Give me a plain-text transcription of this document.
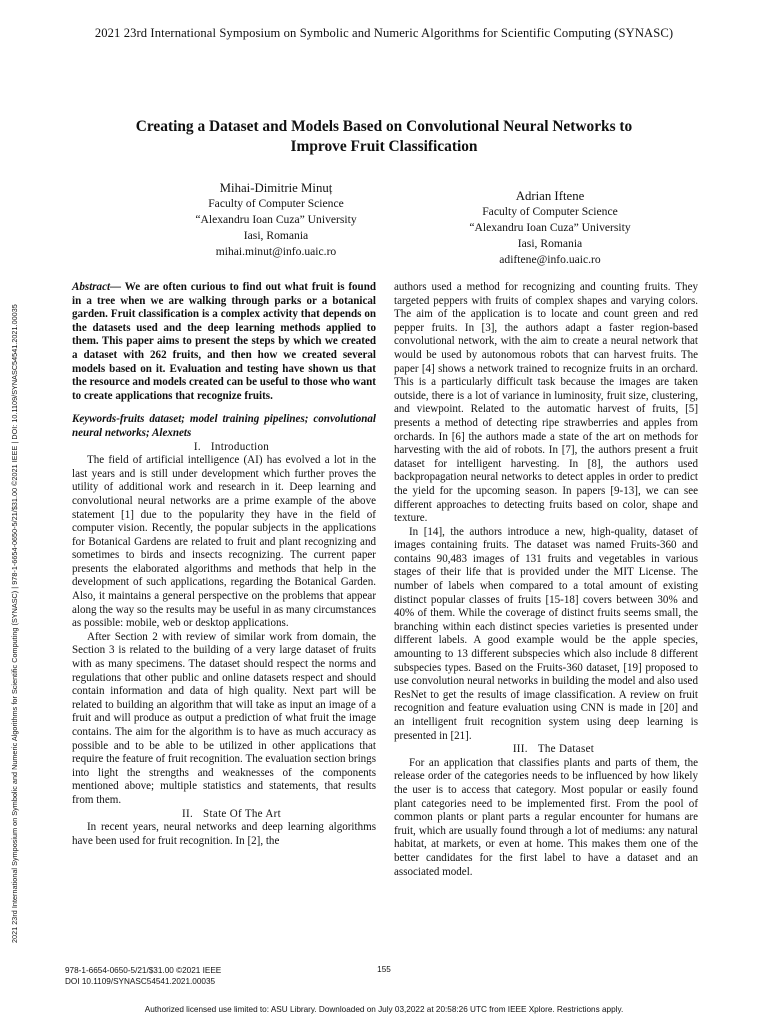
2021 23rd International Symposium on Symbolic and Numeric Algorithms for Scientific Computing (SYNASC)
2021 23rd International Symposium on Symbolic and Numeric Algorithms for Scientific Computing (SYNASC) | 978-1-6654-0650-5/21/$31.00 ©2021 IEEE | DOI: 10.1109/SYNASC54541.2021.00035
Creating a Dataset and Models Based on Convolutional Neural Networks to
Improve Fruit Classification
Mihai-Dimitrie Minuț
Faculty of Computer Science
“Alexandru Ioan Cuza” University
Iasi, Romania
mihai.minut@info.uaic.ro
Adrian Iftene
Faculty of Computer Science
“Alexandru Ioan Cuza” University
Iasi, Romania
adiftene@info.uaic.ro

Abstract— We are often curious to find out what fruit is found in a tree when we are walking through parks or a botanical garden. Fruit classification is a complex activity that depends on the datasets used and the deep learning methods applied to them. This paper aims to present the steps by which we created a dataset with 262 fruits, and then how we created several models based on it. Evaluation and testing have shown us that the resource and models created can be useful to those who want to create applications that recognize fruits.

Keywords-fruits dataset; model training pipelines; convolutional neural networks; Alexnets

I. Introduction

The field of artificial intelligence (AI) has evolved a lot in the last years and is still under development which further proves the utility of additional work and research in it. Deep learning and convolutional neural networks are a prime example of the above statement [1] due to the popularity they have in the field of computer vision. Recently, the popular subjects in the applications for Botanical Gardens are related to fruit and plant recognizing and sometimes to birds and insects recognizing. The current paper presents the elaborated algorithms and methods that help in the development of such applications, regarding the Botanical Garden. Also, it maintains a general perspective on the problems that appear along the way so the results may be useful in as many circumstances as possible: mobile, web or desktop applications.

After Section 2 with review of similar work from domain, the Section 3 is related to the building of a very large dataset of fruits with as many specimens. The dataset should respect the norms and regulations that other public and online datasets respect and should contain information and data of high quality. Next part will be related to building an algorithm that will take as input an image of a fruit and will produce as output a prediction of what fruit the image contains. The aim for the algorithm is to have as much accuracy as possible and to be able to be utilized in other applications that require the feature of fruit recognition. The evaluation section brings into light the strengths and weaknesses of the components mentioned above; multiple statistics and statements, that results from them.

II. State Of The Art

In recent years, neural networks and deep learning algorithms have been used for fruit recognition. In [2], the

authors used a method for recognizing and counting fruits. They targeted peppers with fruits of complex shapes and varying colors. The aim of the application is to locate and count green and red pepper fruits. In [3], the authors adapt a faster region-based convolutional network, with the aim to create a neural network that would be used by autonomous robots that can harvest fruits. The paper [4] shows a network trained to recognize fruits in an orchard. This is a particularly difficult task because the images are taken outside, there is a lot of variance in luminosity, fruit size, clustering, and viewpoint. Related to the automatic harvest of fruits, [5] presents a method of detecting ripe strawberries and apples from orchards. In [6] the authors made a state of the art on methods for harvesting with the aid of robots. In [7], the authors present a fruit dataset for intelligent harvesting. In [8], the authors used backpropagation neural networks to detect apples in order to predict the yield for the upcoming season. In papers [9-13], we can see different approaches to detecting fruits based on color, shape and texture.

In [14], the authors introduce a new, high-quality, dataset of images containing fruits. The dataset was named Fruits-360 and contains 90,483 images of 131 fruits and vegetables in various stages of their life that is provided under the MIT License. The number of labels when compared to a total amount of existing distinct popular classes of fruits [15-18] covers between 30% and 40% of them. While the coverage of distinct fruits seems small, the branching within each distinct species varieties is presented under different labels. A good example would be the apple species, amounting to 13 different subspecies which also include 8 different subspecies types. Based on the Fruits-360 dataset, [19] proposed to use convolution neural networks in building the model and also used ResNet to get the results of image classification. A review on fruit recognition and feature evaluation using CNN is made in [20] and an intelligent fruit recognition system using deep learning is presented in [21].

III. The Dataset

For an application that classifies plants and parts of them, the release order of the categories needs to be influenced by how likely the user is to access that category. Most popular or easily found plant categories need to be implemented first. From the pool of common plants or plant parts a regular encounter for humans are fruit, which are usually found through a lot of mediums: any natural habitat, at markets, or even at home. This makes them one of the better candidates for the first label to have a dataset and an associated model.

978-1-6654-0650-5/21/$31.00 ©2021 IEEE
DOI 10.1109/SYNASC54541.2021.00035
155
Authorized licensed use limited to: ASU Library. Downloaded on July 03,2022 at 20:58:26 UTC from IEEE Xplore. Restrictions apply.
